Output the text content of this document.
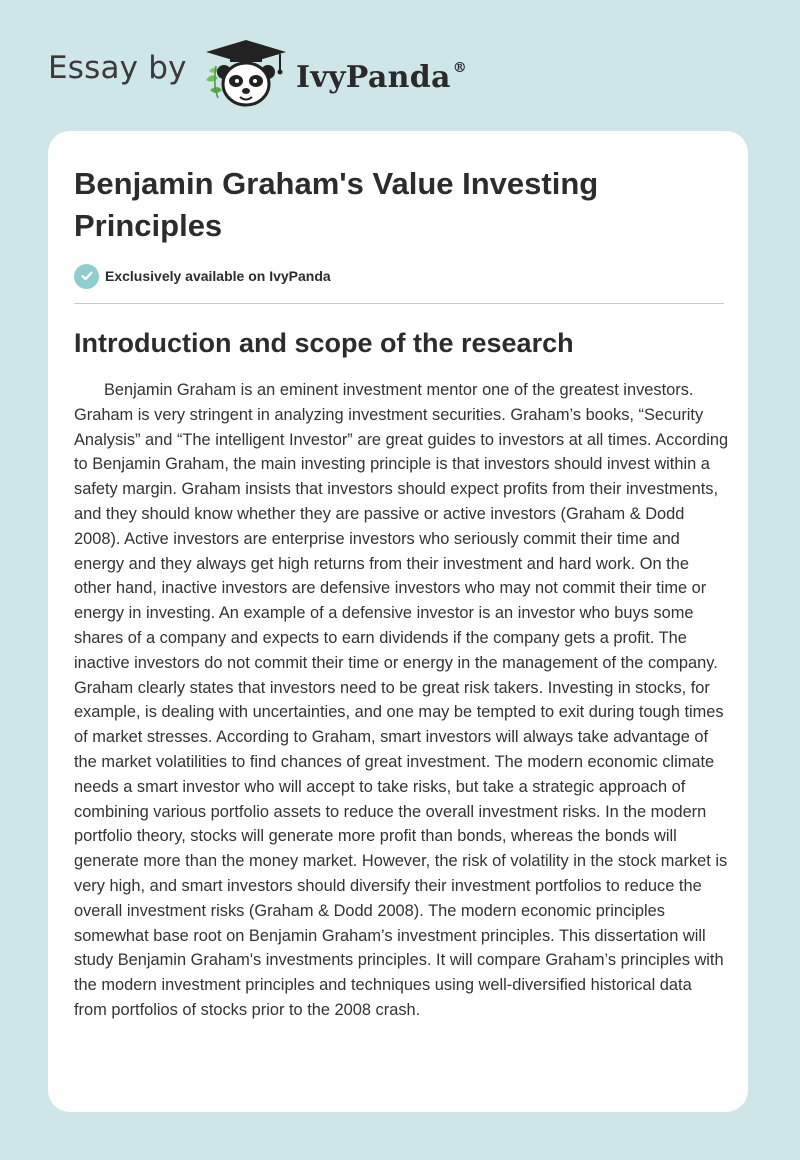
Essay by	IvyPanda ®
Benjamin Graham's Value Investing Principles
Exclusively available on IvyPanda
Introduction and scope of the research

Benjamin Graham is an eminent investment mentor one of the greatest investors. Graham is very stringent in analyzing investment securities. Graham’s books, “Security Analysis” and “The intelligent Investor” are great guides to investors at all times. According to Benjamin Graham, the main investing principle is that investors should invest within a safety margin. Graham insists that investors should expect profits from their investments, and they should know whether they are passive or active investors (Graham & Dodd 2008). Active investors are enterprise investors who seriously commit their time and energy and they always get high returns from their investment and hard work. On the other hand, inactive investors are defensive investors who may not commit their time or energy in investing. An example of a defensive investor is an investor who buys some shares of a company and expects to earn dividends if the company gets a profit. The inactive investors do not commit their time or energy in the management of the company. Graham clearly states that investors need to be great risk takers. Investing in stocks, for example, is dealing with uncertainties, and one may be tempted to exit during tough times of market stresses. According to Graham, smart investors will always take advantage of the market volatilities to find chances of great investment. The modern economic climate needs a smart investor who will accept to take risks, but take a strategic approach of combining various portfolio assets to reduce the overall investment risks. In the modern portfolio theory, stocks will generate more profit than bonds, whereas the bonds will generate more than the money market. However, the risk of volatility in the stock market is very high, and smart investors should diversify their investment portfolios to reduce the overall investment risks (Graham & Dodd 2008). The modern economic principles somewhat base root on Benjamin Graham’s investment principles. This dissertation will study Benjamin Graham's investments principles. It will compare Graham’s principles with the modern investment principles and techniques using well-diversified historical data from portfolios of stocks prior to the 2008 crash.
